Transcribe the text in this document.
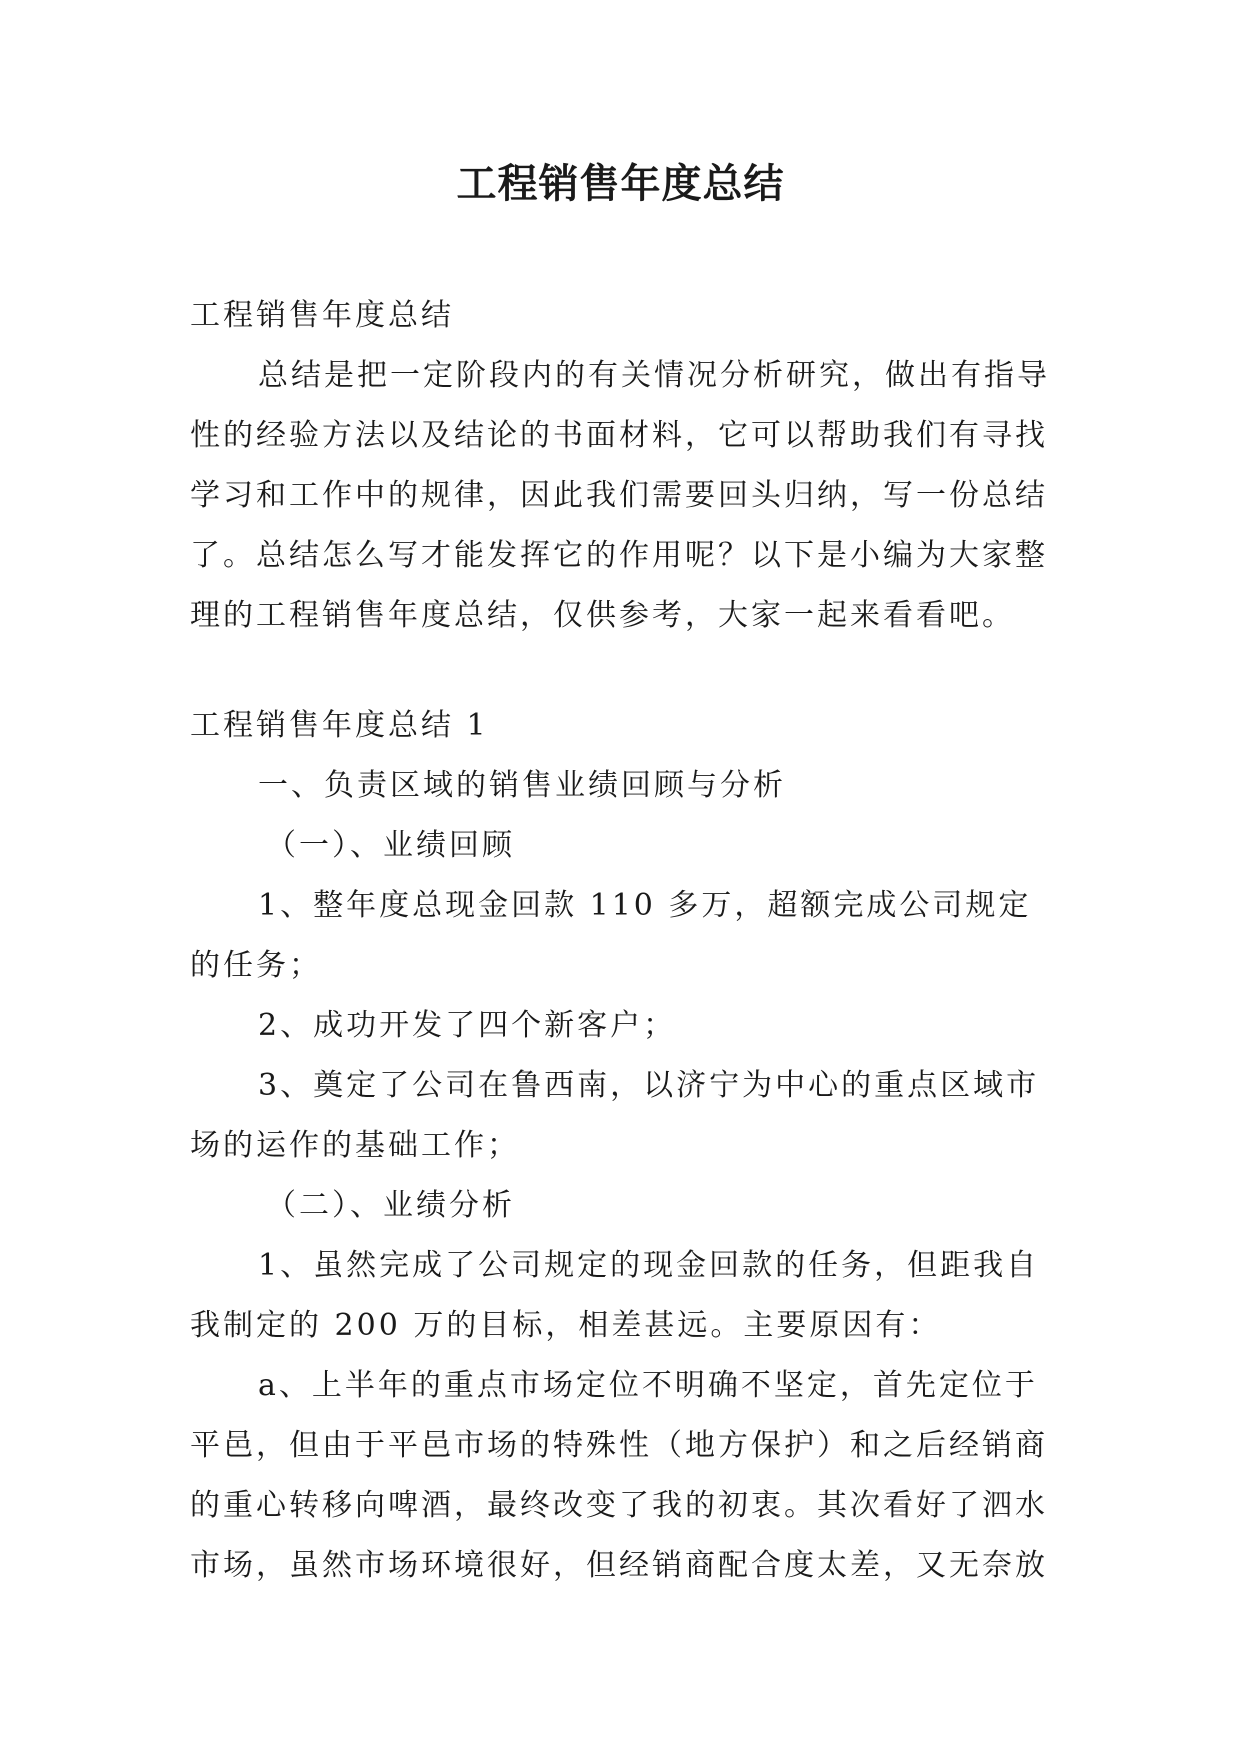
工程销售年度总结

工程销售年度总结

总结是把一定阶段内的有关情况分析研究，做出有指导性的经验方法以及结论的书面材料，它可以帮助我们有寻找学习和工作中的规律，因此我们需要回头归纳，写一份总结了。总结怎么写才能发挥它的作用呢？以下是小编为大家整理的工程销售年度总结，仅供参考，大家一起来看看吧。

工程销售年度总结 1

一、负责区域的销售业绩回顾与分析

（一）、业绩回顾

1、整年度总现金回款 110 多万，超额完成公司规定的任务；

2、成功开发了四个新客户；

3、奠定了公司在鲁西南，以济宁为中心的重点区域市场的运作的基础工作；

（二）、业绩分析

1、虽然完成了公司规定的现金回款的任务，但距我自我制定的 200 万的目标，相差甚远。主要原因有：

a、上半年的重点市场定位不明确不坚定，首先定位于平邑，但由于平邑市场的特殊性（地方保护）和之后经销商的重心转移向啤酒，最终改变了我的初衷。其次看好了泗水市场，虽然市场环境很好，但经销商配合度太差，又无奈放
